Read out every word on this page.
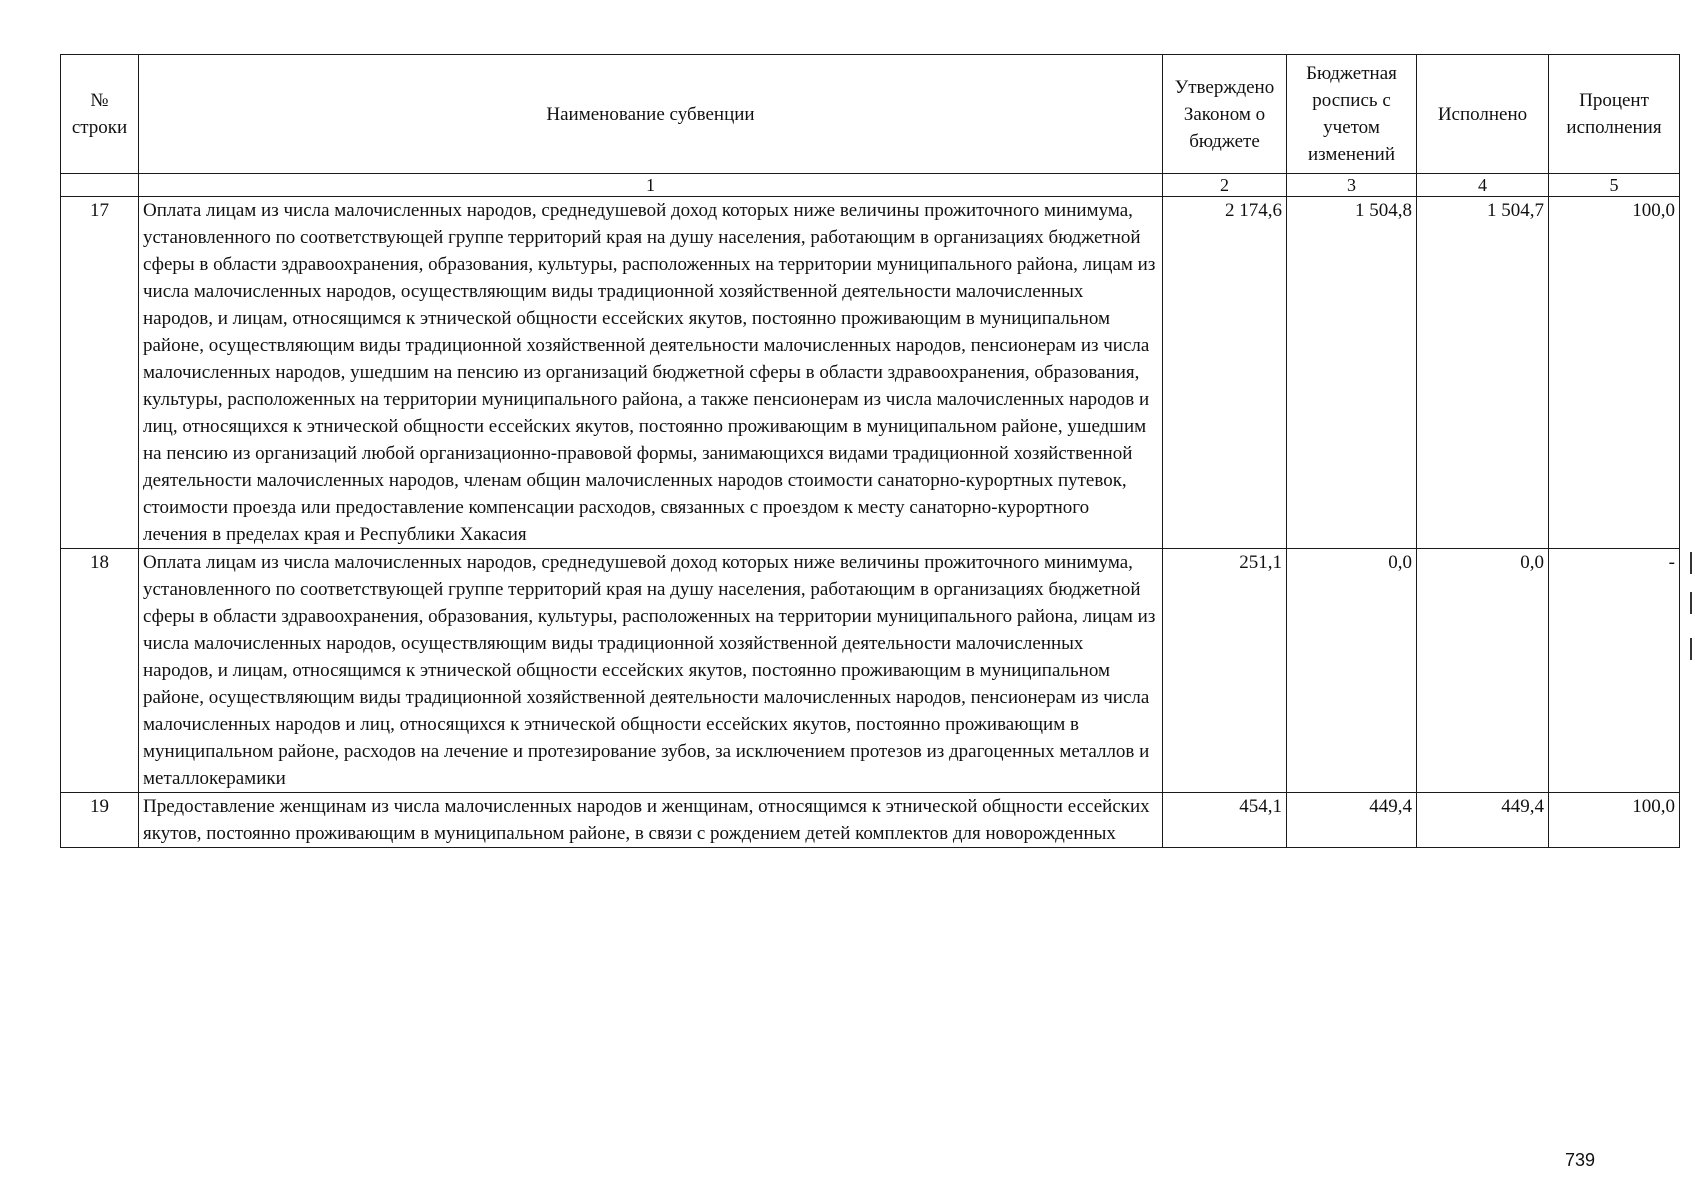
№ строки	Наименование субвенции	Утверждено Законом о бюджете	Бюджетная роспись с учетом изменений	Исполнено	Процент исполнения
	1	2	3	4	5
17	Оплата лицам из числа малочисленных народов, среднедушевой доход которых ниже величины прожиточного минимума, установленного по соответствующей группе территорий края на душу населения, работающим в организациях бюджетной сферы в области здравоохранения, образования, культуры, расположенных на территории муниципального района, лицам из числа малочисленных народов, осуществляющим виды традиционной хозяйственной деятельности малочисленных народов, и лицам, относящимся к этнической общности ессейских якутов, постоянно проживающим в муниципальном районе, осуществляющим виды традиционной хозяйственной деятельности малочисленных народов, пенсионерам из числа малочисленных народов, ушедшим на пенсию из организаций бюджетной сферы в области здравоохранения, образования, культуры, расположенных на территории муниципального района, а также пенсионерам из числа малочисленных народов и лиц, относящихся к этнической общности ессейских якутов, постоянно проживающим в муниципальном районе, ушедшим на пенсию из организаций любой организационно-правовой формы, занимающихся видами традиционной хозяйственной деятельности малочисленных народов, членам общин малочисленных народов стоимости санаторно-курортных путевок, стоимости проезда или предоставление компенсации расходов, связанных с проездом к месту санаторно-курортного лечения в пределах края и Республики Хакасия	2 174,6	1 504,8	1 504,7	100,0
18	Оплата лицам из числа малочисленных народов, среднедушевой доход которых ниже величины прожиточного минимума, установленного по соответствующей группе территорий края на душу населения, работающим в организациях бюджетной сферы в области здравоохранения, образования, культуры, расположенных на территории муниципального района, лицам из числа малочисленных народов, осуществляющим виды традиционной хозяйственной деятельности малочисленных народов, и лицам, относящимся к этнической общности ессейских якутов, постоянно проживающим в муниципальном районе, осуществляющим виды традиционной хозяйственной деятельности малочисленных народов, пенсионерам из числа малочисленных народов и лиц, относящихся к этнической общности ессейских якутов, постоянно проживающим в муниципальном районе, расходов на лечение и протезирование зубов, за исключением протезов из драгоценных металлов и металлокерамики	251,1	0,0	0,0	-
19	Предоставление женщинам из числа малочисленных народов и женщинам, относящимся к этнической общности ессейских якутов, постоянно проживающим в муниципальном районе, в связи с рождением детей комплектов для новорожденных	454,1	449,4	449,4	100,0
739
